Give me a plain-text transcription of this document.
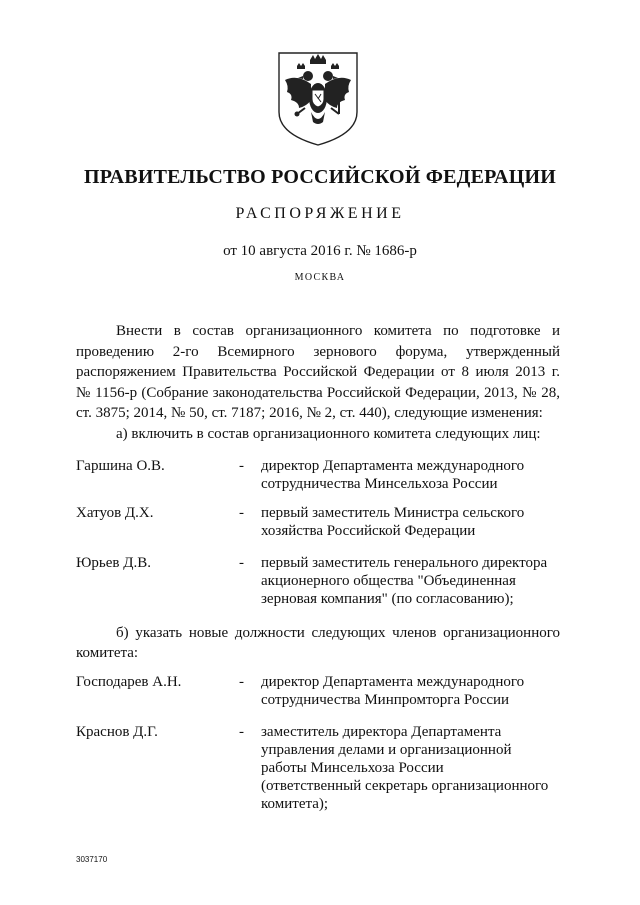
ПРАВИТЕЛЬСТВО РОССИЙСКОЙ ФЕДЕРАЦИИ
РАСПОРЯЖЕНИЕ
от 10 августа 2016 г. № 1686-р
МОСКВА
Внести в состав организационного комитета по подготовке и
проведению 2-го Всемирного зернового форума, утвержденный
распоряжением Правительства Российской Федерации от 8 июля 2013 г.
№ 1156-р (Собрание законодательства Российской Федерации, 2013, № 28,
ст. 3875; 2014, № 50, ст. 7187; 2016, № 2, ст. 440), следующие изменения:
а) включить в состав организационного комитета следующих лиц:
Гаршина О.В.	- директор Департамента международного
сотрудничества Минсельхоза России
Хатуов Д.Х.	- первый заместитель Министра сельского
хозяйства Российской Федерации
Юрьев Д.В.	- первый заместитель генерального директора
акционерного общества "Объединенная
зерновая компания" (по согласованию);
б) указать новые должности следующих членов организационного
комитета:
Господарев А.Н.	- директор Департамента международного
сотрудничества Минпромторга России
Краснов Д.Г.	- заместитель директора Департамента
управления делами и организационной
работы Минсельхоза России
(ответственный секретарь организационного
комитета);
3037170
